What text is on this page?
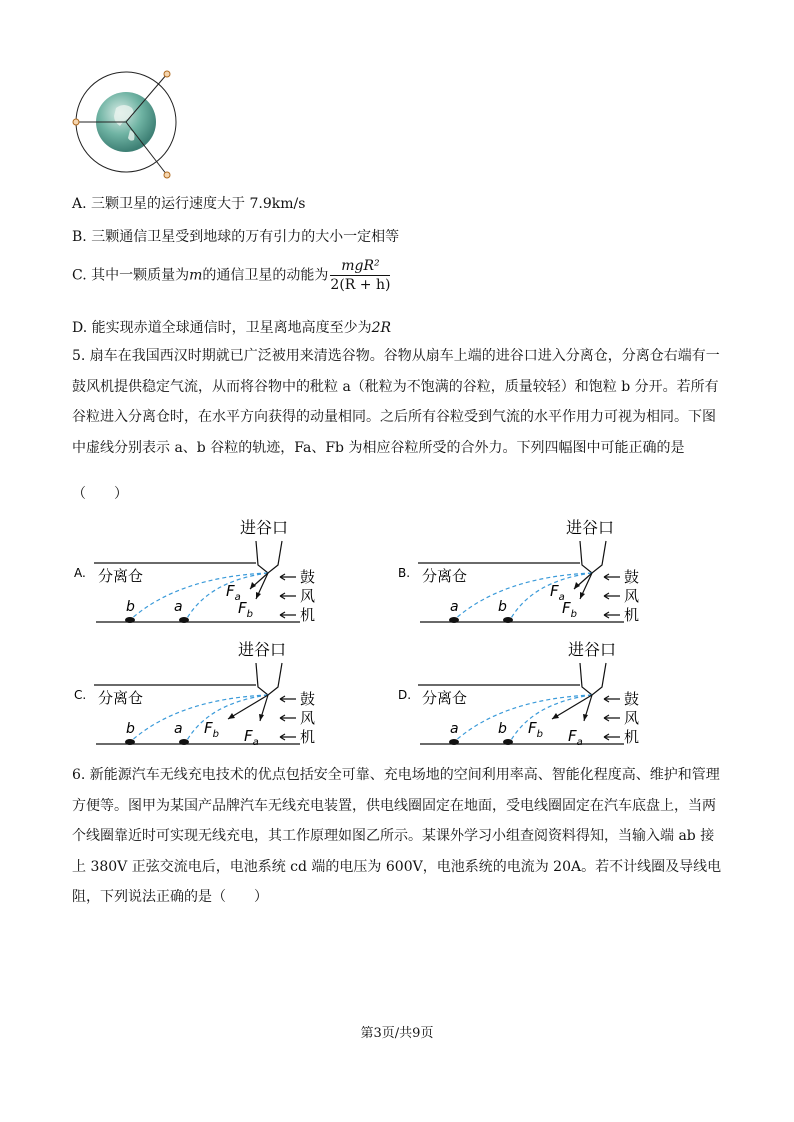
A. 三颗卫星的运行速度大于 7.9km/s
B. 三颗通信卫星受到地球的万有引力的大小一定相等
C. 其中一颗质量为m的通信卫星的动能为 $\frac{\text{mgR²}}{2(R + h)}$
D. 能实现赤道全球通信时，卫星离地高度至少为2R
5. 扇车在我国西汉时期就已广泛被用来清选谷物。谷物从扇车上端的进谷口进入分离仓，分离仓右端有一鼓风机提供稳定气流，从而将谷物中的秕粒 a（秕粒为不饱满的谷粒，质量较轻）和饱粒 b 分开。若所有谷粒进入分离仓时，在水平方向获得的动量相同。之后所有谷粒受到气流的水平作用力可视为相同。下图中虚线分别表示 a、b 谷粒的轨迹，Fa、Fb 为相应谷粒所受的合外力。下列四幅图中可能正确的是
（　　）
A.
进谷口
分离仓
b	a
$F_a$
$F_b$
鼓
风
机
B.
进谷口
分离仓
a	b
$F_a$
$F_b$
鼓
风
机
C.
进谷口
分离仓
b	a $F_b$ $F_a$
鼓
风
机
D.
进谷口
分离仓
a	b $F_b$ $F_a$
鼓
风
机
6. 新能源汽车无线充电技术的优点包括安全可靠、充电场地的空间利用率高、智能化程度高、维护和管理方便等。图甲为某国产品牌汽车无线充电装置，供电线圈固定在地面，受电线圈固定在汽车底盘上，当两个线圈靠近时可实现无线充电，其工作原理如图乙所示。某课外学习小组查阅资料得知，当输入端 ab 接上 380V 正弦交流电后，电池系统 cd 端的电压为 600V，电池系统的电流为 20A。若不计线圈及导线电阻，下列说法正确的是（　　）
第3页/共9页
